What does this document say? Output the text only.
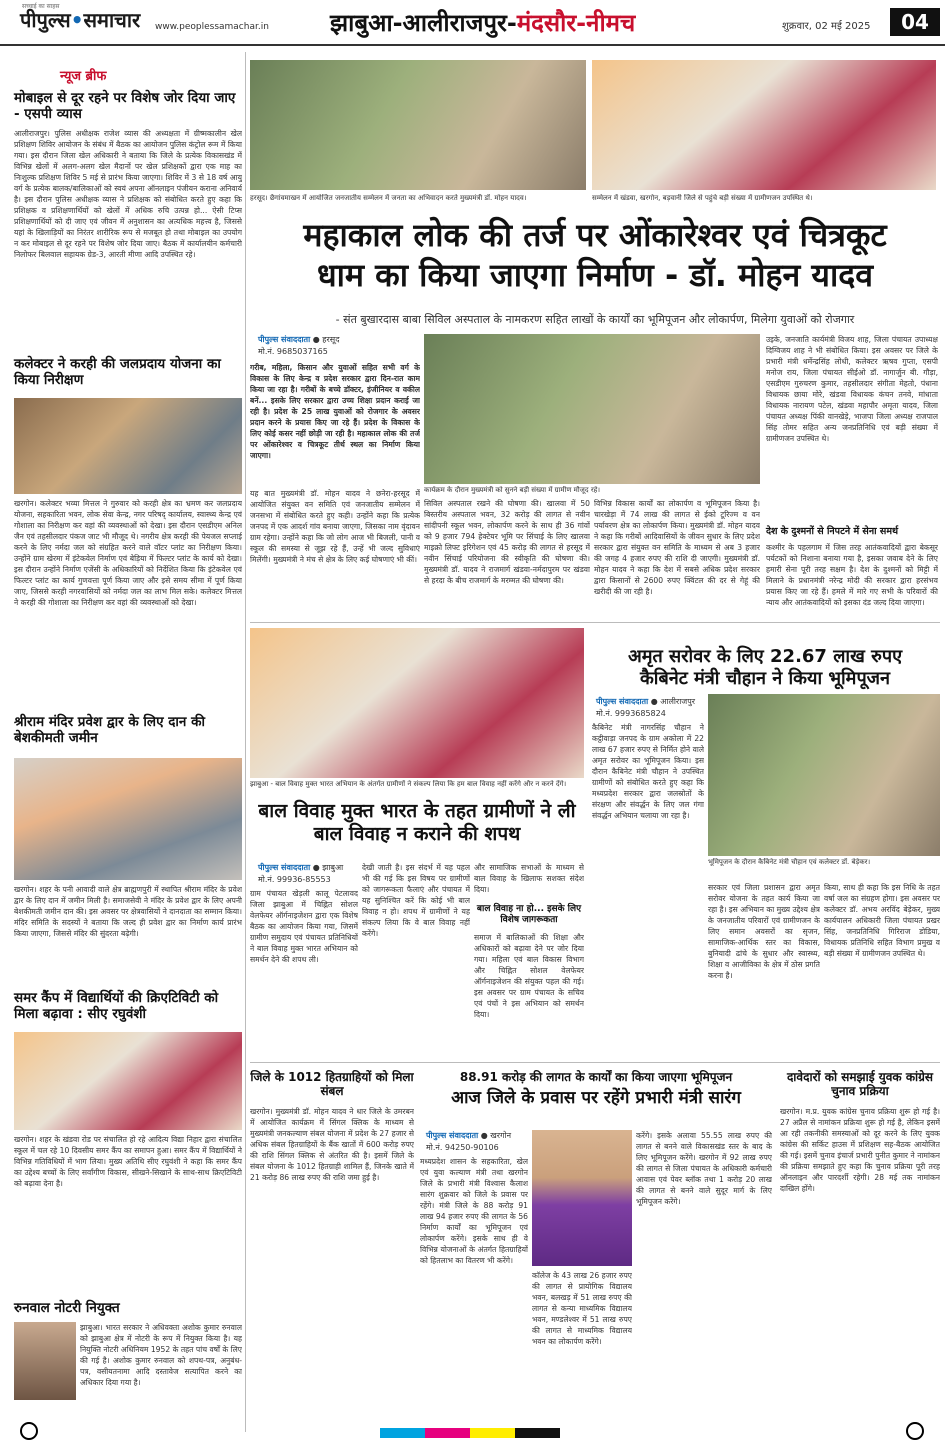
सच्चाई का साहस
पीपुल्स•समाचार www.peoplessamachar.in	झाबुआ-आलीराजपुर-मंदसौर-नीमच	शुक्रवार, 02 मई 2025	04
न्यूज ब्रीफ
मोबाइल से दूर रहने पर विशेष जोर दिया जाए - एसपी व्यास
आलीराजपुर। पुलिस अधीक्षक राजेश व्यास की अध्यक्षता में ग्रीष्मकालीन खेल प्रशिक्षण शिविर आयोजन के संबंध में बैठक का आयोजन पुलिस कंट्रोल रूम में किया गया। इस दौरान जिला खेल अधिकारी ने बताया कि जिले के प्रत्येक विकासखंड में विभिन्न खेलों में अलग-अलग खेल मैदानों पर खेल प्रशिक्षकों द्वारा एक माह का निःशुल्क प्रशिक्षण शिविर 5 मई से प्रारंभ किया जाएगा। शिविर में 3 से 18 वर्ष आयु वर्ग के प्रत्येक बालक/बालिकाओं को स्वयं अपना ऑनलाइन पंजीयन कराना अनिवार्य है। इस दौरान पुलिस अधीक्षक व्यास ने प्रशिक्षक को संबोधित करते हुए कहा कि प्रशिक्षक व प्रशिक्षणार्थियों को खेलों में अधिक रुचि उत्पन्न हो... ऐसी टिप्स प्रशिक्षणार्थियों को दी जाए एवं जीवन में अनुशासन का अत्यधिक महत्त्व है, जिससे यहां के खिलाड़ियों का निरंतर शारीरिक रूप से मजबूत हो तथा मोबाइल का उपयोग न कर मोबाइल से दूर रहने पर विशेष जोर दिया जाए। बैठक में कार्यालयीन कर्मचारी निलोफर बिलवाल सहायक ग्रेड-3, आरती मीणा आदि उपस्थित रहे।
कलेक्टर ने करही की जलप्रदाय योजना का किया निरीक्षण
खरगोन। कलेक्टर भव्या मित्तल ने गुरुवार को करही क्षेत्र का भ्रमण कर जलप्रदाय योजना, सहकारिता भवन, लोक सेवा केन्द्र, नगर परिषद् कार्यालय, स्वास्थ्य केन्द्र एवं गोशाला का निरीक्षण कर वहां की व्यवस्थाओं को देखा। इस दौरान एसडीएम अनिल जैन एवं तहसीलदार पंकज जाट भी मौजूद थे। नगरीय क्षेत्र करही की पेयजल सप्लाई करने के लिए नर्मदा जल को संग्रहित करने वाले वॉटर प्लांट का निरीक्षण किया। उन्होंने ग्राम खेरमा में इंटेकवेल निर्माण एवं बेड़िया में फिल्टर प्लांट के कार्य को देखा। इस दौरान उन्होंने निर्माण एजेंसी के अधिकारियों को निर्देशित किया कि इंटेकवेल एवं फिल्टर प्लांट का कार्य गुणवत्ता पूर्ण किया जाए और इसे समय सीमा में पूर्ण किया जाए, जिससे करही नगरवासियों को नर्मदा जल का लाभ मिल सके। कलेक्टर मित्तल ने करही की गोशाला का निरीक्षण कर वहां की व्यवस्थाओं को देखा।
श्रीराम मंदिर प्रवेश द्वार के लिए दान की बेशकीमती जमीन
खरगोन। शहर के पनी आवादी वाले क्षेत्र ब्राह्मणपुरी में स्थापित श्रीराम मंदिर के प्रवेश द्वार के लिए दान में जमीन मिली है। समाजसेवी ने मंदिर के प्रवेश द्वार के लिए अपनी बेशकीमती जमीन दान की। इस अवसर पर क्षेत्रवासियों ने दानदाता का सम्मान किया। मंदिर समिति के सदस्यों ने बताया कि जल्द ही प्रवेश द्वार का निर्माण कार्य प्रारंभ किया जाएगा, जिससे मंदिर की सुंदरता बढ़ेगी।
समर कैंप में विद्यार्थियों की क्रिएटिविटी को मिला बढ़ावा : सीए रघुवंशी
खरगोन। शहर के खंडवा रोड पर संचालित हो रहे आदित्य विद्या निहार द्वारा संचालित स्कूल में चल रहे 10 दिवसीय समर कैंप का समापन हुआ। समर कैंप में विद्यार्थियों ने विभिन्न गतिविधियों में भाग लिया। मुख्य अतिथि सीए रघुवंशी ने कहा कि समर कैंप का उद्देश्य बच्चों के लिए सर्वांगीण विकास, सीखने-सिखाने के साथ-साथ क्रिएटिविटी को बढ़ावा देना है।
रुनवाल नोटरी नियुक्त
झाबुआ। भारत सरकार ने अधिवक्ता अशोक कुमार रुनवाल को झाबुआ क्षेत्र में नोटरी के रूप में नियुक्त किया है। यह नियुक्ति नोटरी अधिनियम 1952 के तहत पांच वर्षों के लिए की गई है। अशोक कुमार रुनवाल को शपथ-पत्र, अनुबंध-पत्र, वसीयतनामा आदि दस्तावेज सत्यापित करने का अधिकार दिया गया है।
हरसूद। छैगांवमाखन में आयोजित जनजातीय सम्मेलन में जनता का अभिवादन करते मुख्यमंत्री डॉ. मोहन यादव।	सम्मेलन में खंडवा, खरगोन, बड़वानी जिले से पहुंचे बड़ी संख्या में ग्रामीणजन उपस्थित थे।
महाकाल लोक की तर्ज पर ओंकारेश्वर एवं चित्रकूट
धाम का किया जाएगा निर्माण - डॉ. मोहन यादव
- संत बुखारदास बाबा सिविल अस्पताल के नामकरण सहित लाखों के कार्यों का भूमिपूजन और लोकार्पण, मिलेगा युवाओं को रोजगार
पीपुल्स संवाददाता ● हरसूद
मो.नं. 9685037165
गरीब, महिला, किसान और युवाओं सहित सभी वर्ग के विकास के लिए केन्द्र व प्रदेश सरकार द्वारा दिन-रात काम किया जा रहा है। गरीबों के बच्चे डॉक्टर, इंजीनियर व वकील बनें... इसके लिए सरकार द्वारा उच्च शिक्षा प्रदान कराई जा रही है। प्रदेश के 25 लाख युवाओं को रोजगार के अवसर प्रदान करने के प्रयास किए जा रहे हैं। प्रदेश के विकास के लिए कोई कसर नहीं छोड़ी जा रही है। महाकाल लोक की तर्ज पर ओंकारेश्वर व चित्रकूट तीर्थ स्थल का निर्माण किया जाएगा।
यह बात मुख्यमंत्री डॉ. मोहन यादव ने छनेरा-हरसूद में आयोजित संयुक्त वन समिति एवं जनजातीय सम्मेलन में जनसभा में संबोधित करते हुए कही। उन्होंने कहा कि प्रत्येक जनपद में एक आदर्श गांव बनाया जाएगा, जिसका नाम वृंदावन ग्राम रहेगा। उन्होंने कहा कि जो लोग आज भी बिजली, पानी व स्कूल की समस्या से जूझ रहे हैं, उन्हें भी जल्द सुविधाएं मिलेंगी। मुख्यमंत्री ने मंच से क्षेत्र के लिए कई घोषणाएं भी कीं।
कार्यक्रम के दौरान मुख्यमंत्री को सुनने बड़ी संख्या में ग्रामीण मौजूद रहे।
सिविल अस्पताल रखने की घोषणा की। खालवा में 50 बिस्तरीय अस्पताल भवन, 32 करोड़ की लागत से नवीन सांदीपनी स्कूल भवन, लोकार्पण करने के साथ ही 36 गांवों को 9 हजार 794 हेक्टेयर भूमि पर सिंचाई के लिए खालवा माइक्रो लिफ्ट इरिगेशन एवं 45 करोड़ की लागत से हरसूद में नवीन सिंचाई परियोजना की स्वीकृति की घोषणा की। मुख्यमंत्री डॉ. यादव ने राजमार्ग खंडवा-नर्मदापुरम पर खंडवा से हरदा के बीच राजमार्ग के मरम्मत की घोषणा की।
विभिन्न विकास कार्यों का लोकार्पण व भूमिपूजन किया है। चारखेड़ा में 74 लाख की लागत से ईको टूरिज्म व वन पर्यावरण क्षेत्र का लोकार्पण किया। मुख्यमंत्री डॉ. मोहन यादव ने कहा कि गरीबों आदिवासियों के जीवन सुधार के लिए प्रदेश सरकार द्वारा संयुक्त वन समिति के माध्यम से अब 3 हजार की जगह 4 हजार रुपए की राशि दी जाएगी। मुख्यमंत्री डॉ. मोहन यादव ने कहा कि देश में सबसे अधिक प्रदेश सरकार द्वारा किसानों से 2600 रुपए क्विंटल की दर से गेहूं की खरीदी की जा रही है।
उइके, जनजाति कार्यमंत्री विजय शाह, जिला पंचायत उपाध्यक्ष दिग्विजय शाह ने भी संबोधित किया। इस अवसर पर जिले के प्रभारी मंत्री धर्मेन्द्रसिंह लोधी, कलेक्टर ऋषव गुप्ता, एसपी मनोज राय, जिला पंचायत सीईओ डॉ. नागार्जुन बी. गौड़ा, एसडीएम गुरुचरण कुमार, तहसीलदार संगीता मेहतो, पंधाना विधायक छाया मोरे, खंडवा विधायक कंचन तनवे, मांधाता विधायक नारायण पटेल, खंडवा महापौर अमृता यादव, जिला पंचायत अध्यक्ष पिंकी वानखेड़े, भाजपा जिला अध्यक्ष राजपाल सिंह तोमर सहित अन्य जनप्रतिनिधि एवं बड़ी संख्या में ग्रामीणजन उपस्थित थे।
देश के दुश्मनों से निपटने में सेना समर्थ
कश्मीर के पहलगाम में जिस तरह आतंकवादियों द्वारा बेकसूर पर्यटकों को निशाना बनाया गया है, इसका जवाब देने के लिए हमारी सेना पूरी तरह सक्षम है। देश के दुश्मनों को मिट्टी में मिलाने के प्रधानमंत्री नरेन्द्र मोदी की सरकार द्वारा हरसंभव प्रयास किए जा रहे हैं। हमले में मारे गए सभी के परिवारों की न्याय और आतंकवादियों को इसका दंड जल्द दिया जाएगा।
झाबुआ - बाल विवाह मुक्त भारत अभियान के अंतर्गत ग्रामीणों ने संकल्प लिया कि हम बाल विवाह नहीं करेंगे और न करने देंगे।
बाल विवाह मुक्त भारत के तहत ग्रामीणों ने ली बाल विवाह न कराने की शपथ
पीपुल्स संवाददाता ● झाबुआ
मो.नं. 99936-85553
ग्राम पंचायत खेड़ली कालू पेटलावद जिला झाबुआ में चिह्नित सोशल वेलफेयर ऑर्गनाइजेशन द्वारा एक विशेष बैठक का आयोजन किया गया, जिसमें ग्रामीण समुदाय एवं पंचायत प्रतिनिधियों ने बाल विवाह मुक्त भारत अभियान को समर्थन देने की शपथ ली।
देखी जाती है। इस संदर्भ में यह पहल भी की गई कि इस विषय पर ग्रामीणों को जागरूकता फैलाएं और पंचायत में यह सुनिश्चित करें कि कोई भी बाल विवाह न हो। शपथ में ग्रामीणों ने यह संकल्प लिया कि वे बाल विवाह नहीं करेंगे।
और सामाजिक सभाओं के माध्यम से बाल विवाह के खिलाफ सशक्त संदेश दिया।
बाल विवाह ना हो... इसके लिए विशेष जागरूकता
समाज में बालिकाओं की शिक्षा और अधिकारों को बढ़ावा देने पर जोर दिया गया। महिला एवं बाल विकास विभाग और चिह्नित सोशल वेलफेयर ऑर्गनाइजेशन की संयुक्त पहल की गई। इस अवसर पर ग्राम पंचायत के सचिव एवं पंचों ने इस अभियान को समर्थन दिया।
अमृत सरोवर के लिए 22.67 लाख रुपए
कैबिनेट मंत्री चौहान ने किया भूमिपूजन
पीपुल्स संवाददाता ● आलीराजपुर
मो.नं. 9993685824
कैबिनेट मंत्री नागरसिंह चौहान ने कट्ठीवाड़ा जनपद के ग्राम अकोला में 22 लाख 67 हजार रुपए से निर्मित होने वाले अमृत सरोवर का भूमिपूजन किया। इस दौरान कैबिनेट मंत्री चौहान ने उपस्थित ग्रामीणों को संबोधित करते हुए कहा कि मध्यप्रदेश सरकार द्वारा जलस्रोतों के संरक्षण और संवर्द्धन के लिए जल गंगा संवर्द्धन अभियान चलाया जा रहा है।
भूमिपूजन के दौरान कैबिनेट मंत्री चौहान एवं कलेक्टर डॉ. बेड़ेकर।
सरकार एवं जिला प्रशासन द्वारा अमृत सरोवर योजना के तहत कार्य किया जा रहा है। इस अभियान का मुख्य उद्देश्य क्षेत्र के जनजातीय परिवारों एवं ग्रामीणजन के लिए समान अवसरों का सृजन, सामाजिक-आर्थिक स्तर का विकास, बुनियादी ढांचे के सुधार और स्वास्थ्य, शिक्षा व आजीविका के क्षेत्र में ठोस प्रगति करना है।
किया, साथ ही कहा कि इस निधि के तहत वर्षा जल का संग्रहण होगा। इस अवसर पर कलेक्टर डॉ. अभय अरविंद बेड़ेकर, मुख्य कार्यपालन अधिकारी जिला पंचायत प्रखर सिंह, जनप्रतिनिधि गिरिराज डोडिया, विधायक प्रतिनिधि सहित विभाग प्रमुख व बड़ी संख्या में ग्रामीणजन उपस्थित थे।
जिले के 1012 हितग्राहियों को मिला संबल
खरगोन। मुख्यमंत्री डॉ. मोहन यादव ने धार जिले के उमरबन में आयोजित कार्यक्रम में सिंगल क्लिक के माध्यम से मुख्यमंत्री जनकल्याण संबल योजना में प्रदेश के 27 हजार से अधिक संबल हितग्राहियों के बैंक खातों में 600 करोड़ रुपए की राशि सिंगल क्लिक से अंतरित की है। इसमें जिले के संबल योजना के 1012 हितग्राही शामिल हैं, जिनके खाते में 21 करोड़ 86 लाख रुपए की राशि जमा हुई है।
88.91 करोड़ की लागत के कार्यों का किया जाएगा भूमिपूजन
आज जिले के प्रवास पर रहेंगे प्रभारी मंत्री सारंग
पीपुल्स संवाददाता ● खरगोन
मो.नं. 94250-90106
मध्यप्रदेश शासन के सहकारिता, खेल एवं युवा कल्याण मंत्री तथा खरगोन जिले के प्रभारी मंत्री विश्वास कैलाश सारंग शुक्रवार को जिले के प्रवास पर रहेंगे। मंत्री जिले के 88 करोड़ 91 लाख 94 हजार रुपए की लागत के 56 निर्माण कार्यों का भूमिपूजन एवं लोकार्पण करेंगे। इसके साथ ही वे विभिन्न योजनाओं के अंतर्गत हितग्राहियों को हितलाभ का वितरण भी करेंगे।
कॉलेज के 43 लाख 26 हजार रुपए की लागत से प्रायोगिक विद्यालय भवन, बलखड़ में 51 लाख रुपए की लागत से कन्या माध्यमिक विद्यालय भवन, मण्डलेश्वर में 51 लाख रुपए की लागत से माध्यमिक विद्यालय भवन का लोकार्पण करेंगे।
करेंगे। इसके अलावा 55.55 लाख रुपए की लागत से बनने वाले विकासखंड स्तर के बाद के लिए भूमिपूजन करेंगे। खरगोन में 92 लाख रुपए की लागत से जिला पंचायत के अधिकारी कर्मचारी आवास एवं पेवर ब्लॉक तथा 1 करोड़ 20 लाख की लागत से बनने वाले सुदूर मार्ग के लिए भूमिपूजन करेंगे।
दावेदारों को समझाई युवक कांग्रेस चुनाव प्रक्रिया
खरगोन। म.प्र. युवक कांग्रेस चुनाव प्रक्रिया शुरू हो गई है। 27 अप्रैल से नामांकन प्रक्रिया शुरू हो गई है, लेकिन इसमें आ रही तकनीकी समस्याओं को दूर करने के लिए युवक कांग्रेस की सर्किट हाउस में प्रशिक्षण सह-बैठक आयोजित की गई। इसमें चुनाव इंचार्ज प्रभारी पुनीत कुमार ने नामांकन की प्रक्रिया समझाते हुए कहा कि चुनाव प्रक्रिया पूरी तरह ऑनलाइन और पारदर्शी रहेगी। 28 मई तक नामांकन दाखिल होंगे।
